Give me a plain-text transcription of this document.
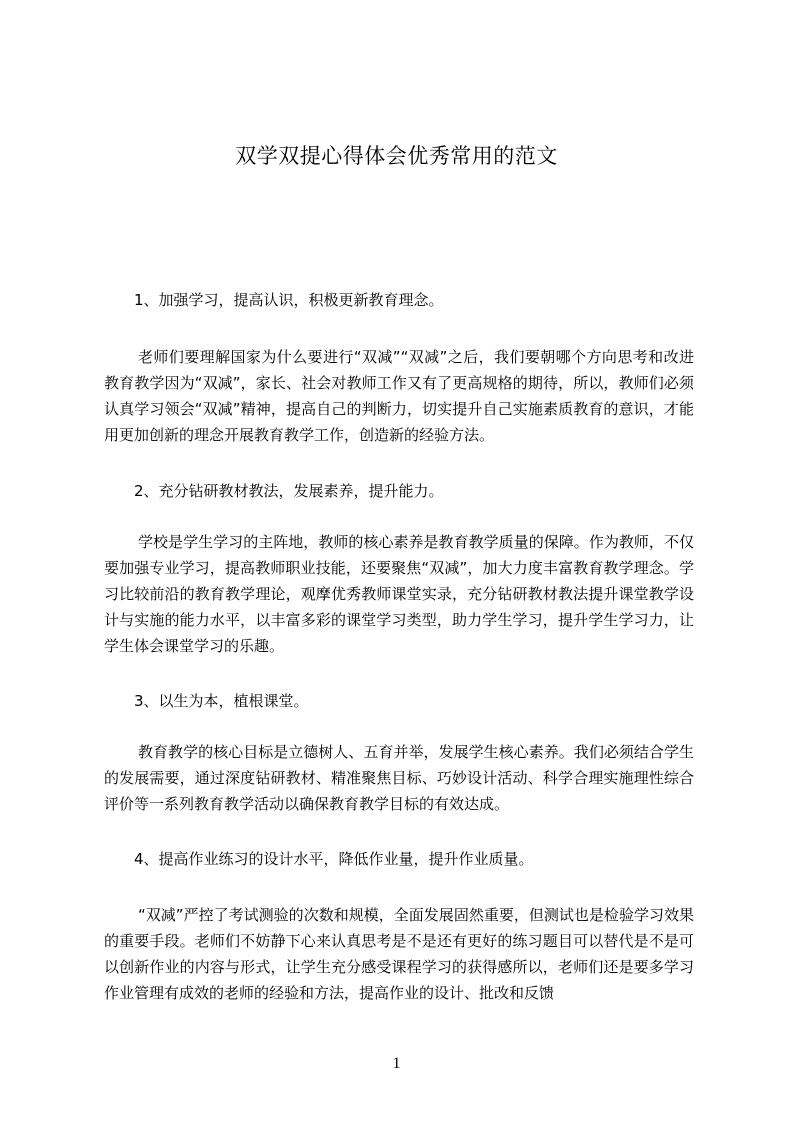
双学双提心得体会优秀常用的范文

1、加强学习，提高认识，积极更新教育理念。

老师们要理解国家为什么要进行“双减”“双减”之后，我们要朝哪个方向思考和改进教育教学因为“双减”，家长、社会对教师工作又有了更高规格的期待，所以，教师们必须认真学习领会“双减”精神，提高自己的判断力，切实提升自己实施素质教育的意识，才能用更加创新的理念开展教育教学工作，创造新的经验方法。

2、充分钻研教材教法，发展素养，提升能力。

学校是学生学习的主阵地，教师的核心素养是教育教学质量的保障。作为教师，不仅要加强专业学习，提高教师职业技能，还要聚焦“双减”，加大力度丰富教育教学理念。学习比较前沿的教育教学理论，观摩优秀教师课堂实录，充分钻研教材教法提升课堂教学设计与实施的能力水平，以丰富多彩的课堂学习类型，助力学生学习，提升学生学习力，让学生体会课堂学习的乐趣。

3、以生为本，植根课堂。

教育教学的核心目标是立德树人、五育并举，发展学生核心素养。我们必须结合学生的发展需要，通过深度钻研教材、精准聚焦目标、巧妙设计活动、科学合理实施理性综合评价等一系列教育教学活动以确保教育教学目标的有效达成。

4、提高作业练习的设计水平，降低作业量，提升作业质量。

“双减”严控了考试测验的次数和规模，全面发展固然重要，但测试也是检验学习效果的重要手段。老师们不妨静下心来认真思考是不是还有更好的练习题目可以替代是不是可以创新作业的内容与形式，让学生充分感受课程学习的获得感所以，老师们还是要多学习作业管理有成效的老师的经验和方法，提高作业的设计、批改和反馈

1
